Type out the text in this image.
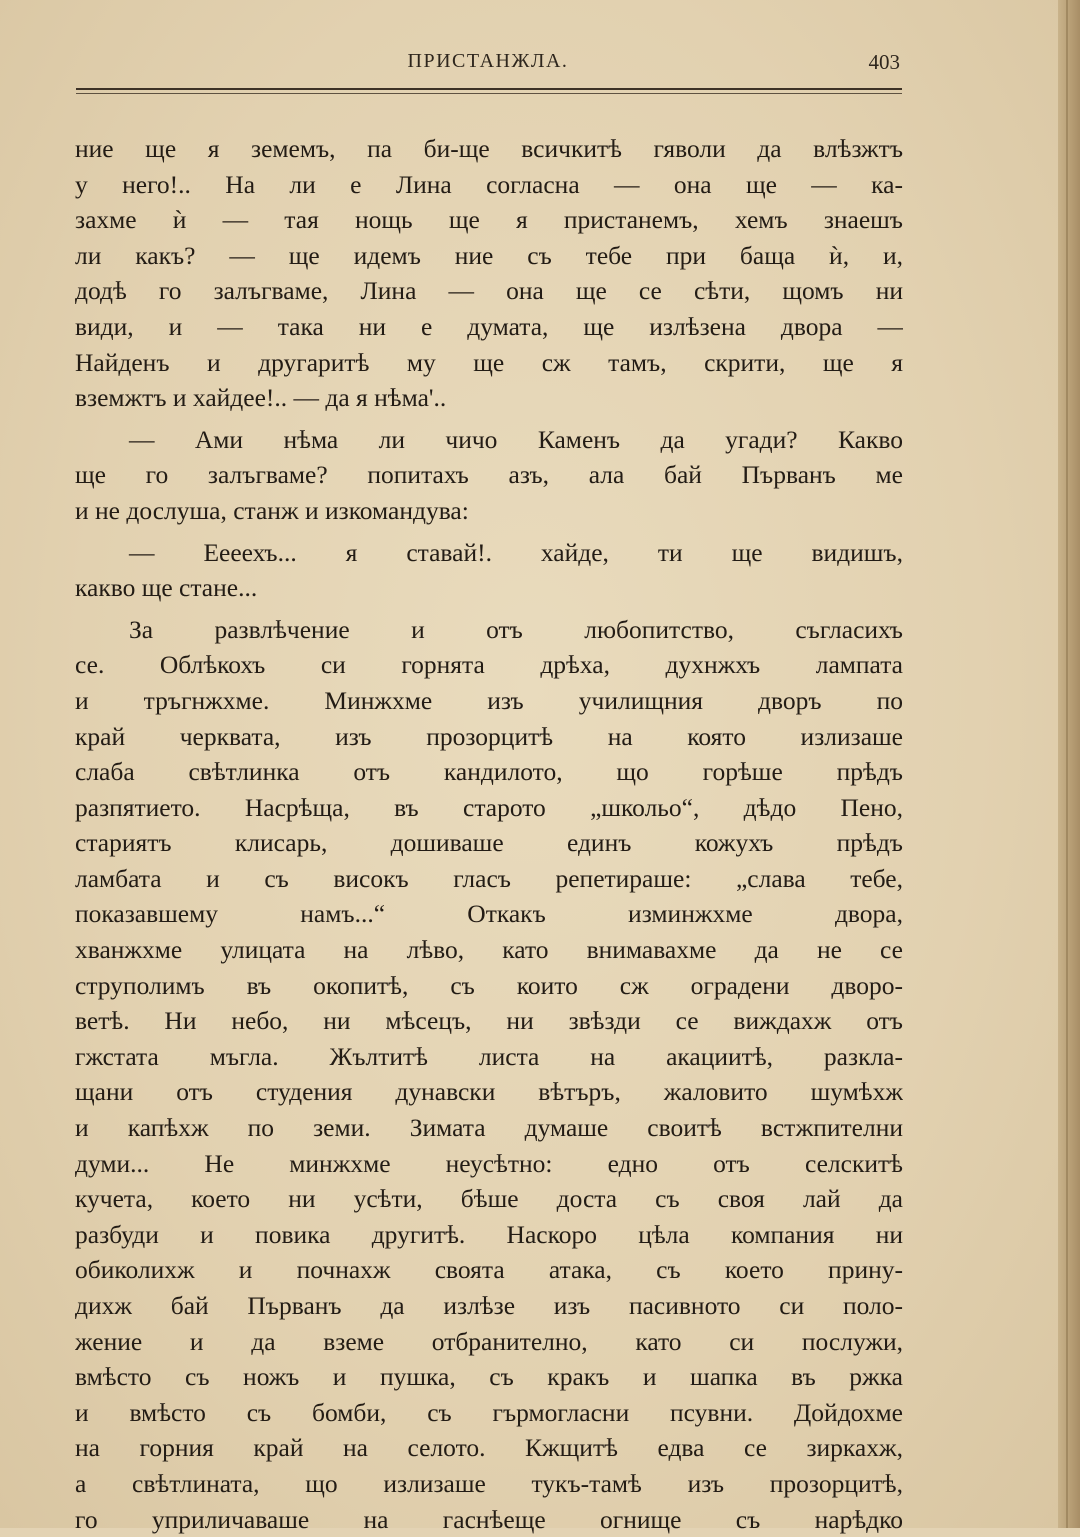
ПРИСТАНЖЛА.	403
ние ще я земемъ, па би-ще всичкитѣ гяволи да влѣзжтъ
у него!.. На ли е Лина согласна — она ще — ка-
захме ѝ — тая нощь ще я пристанемъ, хемъ знаешъ
ли какъ? — ще идемъ ние съ тебе при баща ѝ, и,
додѣ го залъгваме, Лина — она ще се сѣти, щомъ ни
види, и — така ни е думата, ще излѣзена двора —
Найденъ и другаритѣ му ще сж тамъ, скрити, ще я
вземжтъ и хайдее!.. — да я нѣма'..
— Ами нѣма ли чичо Каменъ да угади? Какво
ще го залъгваме? попитахъ азъ, ала бай Първанъ ме
и не дослуша, станж и изкомандува:
— Ееeехъ... я ставай!. хайде, ти ще видишъ,
какво ще стане...
За развлѣчение и отъ любопитство, съгласихъ
се. Облѣкохъ си горнята дрѣха, духнжхъ лампата
и тръгнжхме. Минжхме изъ училищния дворъ по
край черквата, изъ прозорцитѣ на която излизаше
слаба свѣтлинка отъ кандилото, що горѣше прѣдъ
разпятието. Насрѣща, въ старото „школьо“, дѣдо Пено,
стариятъ клисарь, дошиваше единъ кожухъ прѣдъ
ламбата и съ високъ гласъ репетираше: „слава тебе,
показавшему намъ...“ Откакъ изминжхме двора,
хванжхме улицата на лѣво, като внимавахме да не се
струполимъ въ окопитѣ, съ които сж оградени дворо-
ветѣ. Ни небо, ни мѣсецъ, ни звѣзди се виждахж отъ
гжстата мъгла. Жълтитѣ листа на акациитѣ, разкла-
щани отъ студения дунавски вѣтъръ, жаловито шумѣхж
и капѣхж по земи. Зимата думаше своитѣ встжпителни
думи... Не минжхме неусѣтно: едно отъ селскитѣ
кучета, което ни усѣти, бѣше доста съ своя лай да
разбуди и повика другитѣ. Наскоро цѣла компания ни
обиколихж и почнахж своята атака, съ което прину-
дихж бай Първанъ да излѣзе изъ пасивното си поло-
жение и да вземе отбранително, като си послужи,
вмѣсто съ ножъ и пушка, съ кракъ и шапка въ ржка
и вмѣсто съ бомби, съ гърмогласни псувни. Дойдохме
на горния край на селото. Кжщитѣ едва се зиркахж,
а свѣтлината, що излизаше тукъ-тамѣ изъ прозорцитѣ,
го уприличаваше на гаснѣеще огнище съ нарѣдко
